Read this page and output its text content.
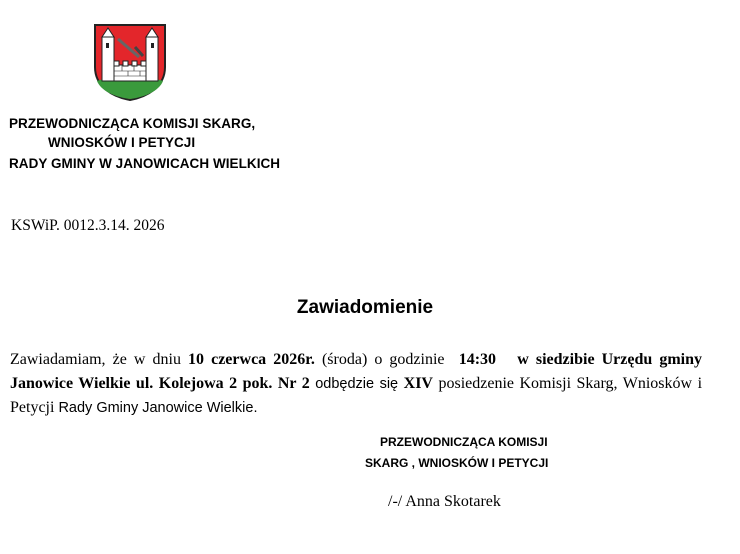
PRZEWODNICZĄCA KOMISJI SKARG,
WNIOSKÓW I PETYCJI
RADY GMINY W JANOWICACH WIELKICH
KSWiP. 0012.3.14. 2026
Zawiadomienie
Zawiadamiam, że w dniu 10 czerwca 2026r. (środa) o godzinie  14:30 w siedzibie Urzędu gminy Janowice Wielkie ul. Kolejowa 2 pok. Nr 2 odbędzie się XIV posiedzenie Komisji Skarg, Wniosków i Petycji Rady Gminy Janowice Wielkie.
PRZEWODNICZĄCA KOMISJI
SKARG , WNIOSKÓW I PETYCJI
/-/ Anna Skotarek
